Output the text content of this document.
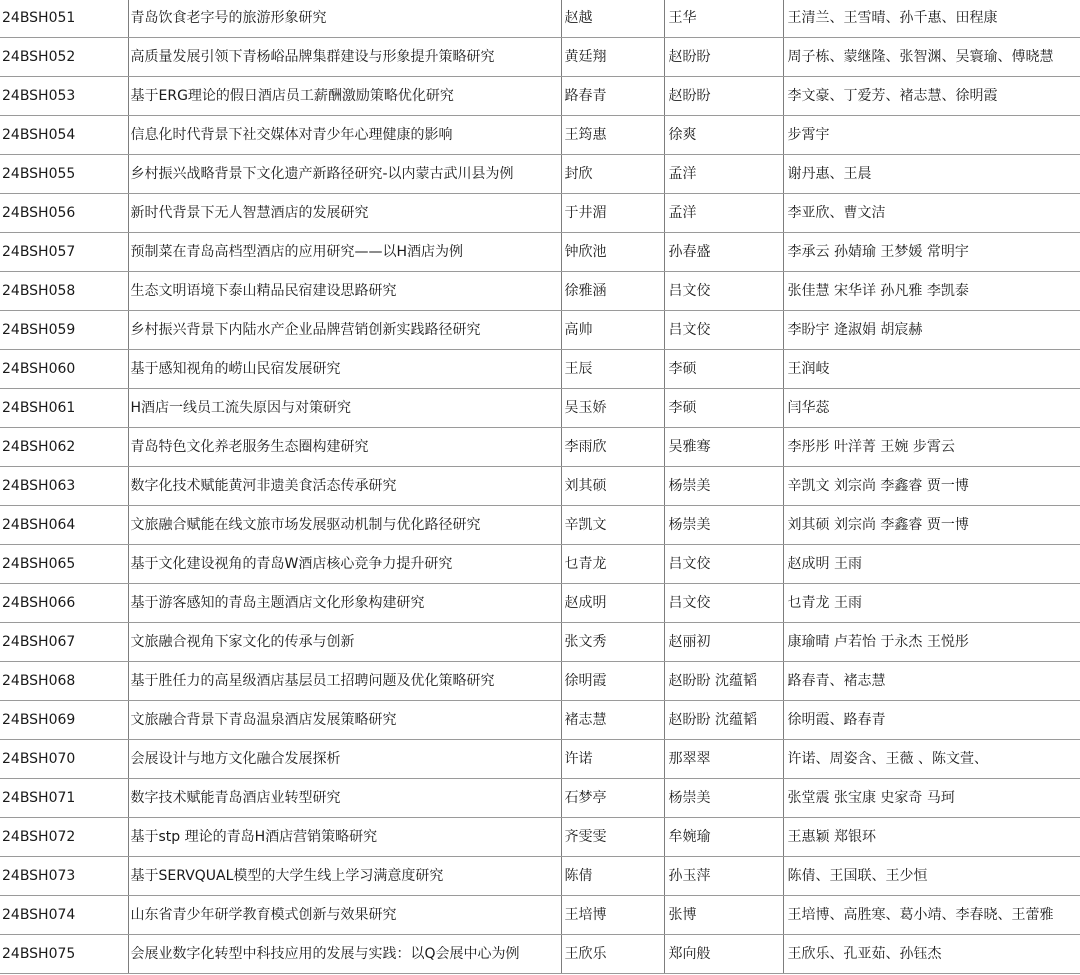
24BSH051	青岛饮食老字号的旅游形象研究	赵越	王华	王清兰、王雪晴、孙千惠、田程康
24BSH052	高质量发展引领下青杨峪品牌集群建设与形象提升策略研究	黄廷翔	赵盼盼	周子栋、蒙继隆、张智渊、吴寰瑜、傅晓慧
24BSH053	基于ERG理论的假日酒店员工薪酬激励策略优化研究	路春青	赵盼盼	李文豪、丁爱芳、褚志慧、徐明霞
24BSH054	信息化时代背景下社交媒体对青少年心理健康的影响	王筠惠	徐爽	步霄宇
24BSH055	乡村振兴战略背景下文化遗产新路径研究-以内蒙古武川县为例	封欣	孟洋	谢丹惠、王晨
24BSH056	新时代背景下无人智慧酒店的发展研究	于井湄	孟洋	李亚欣、曹文洁
24BSH057	预制菜在青岛高档型酒店的应用研究——以H酒店为例	钟欣池	孙春盛	李承云 孙婧瑜 王梦媛 常明宇
24BSH058	生态文明语境下泰山精品民宿建设思路研究	徐雅涵	吕文佼	张佳慧 宋华详 孙凡雅 李凯泰
24BSH059	乡村振兴背景下内陆水产企业品牌营销创新实践路径研究	高帅	吕文佼	李盼宇 逄淑娟 胡宸赫
24BSH060	基于感知视角的崂山民宿发展研究	王辰	李硕	王润岐
24BSH061	H酒店一线员工流失原因与对策研究	吴玉娇	李硕	闫华蕊
24BSH062	青岛特色文化养老服务生态圈构建研究	李雨欣	吴雅骞	李彤彤 叶洋菁 王婉 步霄云
24BSH063	数字化技术赋能黄河非遗美食活态传承研究	刘其硕	杨崇美	辛凯文 刘宗尚 李鑫睿 贾一博
24BSH064	文旅融合赋能在线文旅市场发展驱动机制与优化路径研究	辛凯文	杨崇美	刘其硕 刘宗尚 李鑫睿 贾一博
24BSH065	基于文化建设视角的青岛W酒店核心竞争力提升研究	乜青龙	吕文佼	赵成明 王雨
24BSH066	基于游客感知的青岛主题酒店文化形象构建研究	赵成明	吕文佼	乜青龙 王雨
24BSH067	文旅融合视角下家文化的传承与创新	张文秀	赵丽初	康瑜晴 卢若怡 于永杰 王悦彤
24BSH068	基于胜任力的高星级酒店基层员工招聘问题及优化策略研究	徐明霞	赵盼盼 沈蕴韬	路春青、褚志慧
24BSH069	文旅融合背景下青岛温泉酒店发展策略研究	褚志慧	赵盼盼 沈蕴韬	徐明霞、路春青
24BSH070	会展设计与地方文化融合发展探析	许诺	那翠翠	许诺、周姿含、王薇 、陈文萱、
24BSH071	数字技术赋能青岛酒店业转型研究	石梦亭	杨崇美	张堂震 张宝康 史家奇 马珂
24BSH072	基于stp 理论的青岛H酒店营销策略研究	齐雯雯	牟婉瑜	王惠颖 郑银环
24BSH073	基于SERVQUAL模型的大学生线上学习满意度研究	陈倩	孙玉萍	陈倩、王国联、王少恒
24BSH074	山东省青少年研学教育模式创新与效果研究	王培博	张博	王培博、高胜寒、葛小靖、李春晓、王蕾雅
24BSH075	会展业数字化转型中科技应用的发展与实践：以Q会展中心为例	王欣乐	郑向般	王欣乐、孔亚茹、孙钰杰
